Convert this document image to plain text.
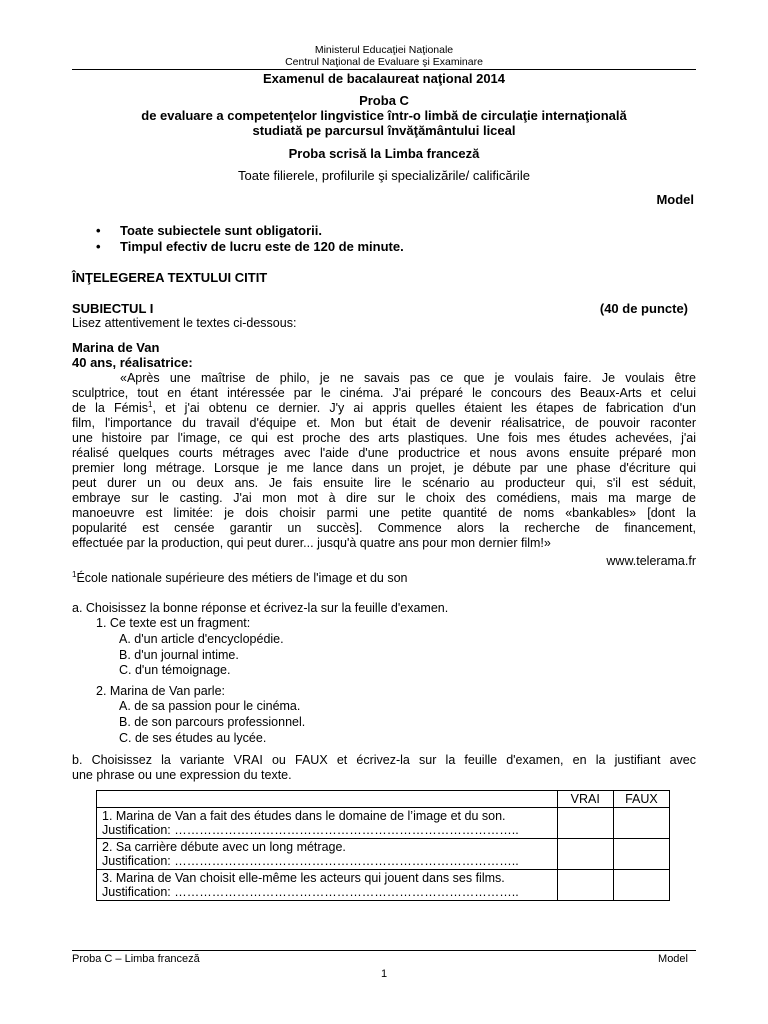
Ministerul Educaţiei Naţionale
Centrul Naţional de Evaluare şi Examinare
Examenul de bacalaureat naţional 2014
Proba C
de evaluare a competenţelor lingvistice într-o limbă de circulaţie internaţională
studiată pe parcursul învăţământului liceal
Proba scrisă la Limba franceză
Toate filierele, profilurile şi specializările/ calificările
Model
• Toate subiectele sunt obligatorii.
• Timpul efectiv de lucru este de 120 de minute.
ÎNŢELEGEREA TEXTULUI CITIT
SUBIECTUL I	(40 de puncte)
Lisez attentivement le textes ci-dessous:
Marina de Van
40 ans, réalisatrice:
«Après une maîtrise de philo, je ne savais pas ce que je voulais faire. Je voulais être
sculptrice, tout en étant intéressée par le cinéma. J'ai préparé le concours des Beaux-Arts et celui
de la Fémis$^1$, et j'ai obtenu ce dernier. J'y ai appris quelles étaient les étapes de fabrication d'un
film, l'importance du travail d'équipe et. Mon but était de devenir réalisatrice, de pouvoir raconter
une histoire par l'image, ce qui est proche des arts plastiques. Une fois mes études achevées, j'ai
réalisé quelques courts métrages avec l'aide d'une productrice et nous avons ensuite préparé mon
premier long métrage. Lorsque je me lance dans un projet, je débute par une phase d'écriture qui
peut durer un ou deux ans. Je fais ensuite lire le scénario au producteur qui, s'il est séduit,
embraye sur le casting. J'ai mon mot à dire sur le choix des comédiens, mais ma marge de
manoeuvre est limitée: je dois choisir parmi une petite quantité de noms «bankables» [dont la
popularité est censée garantir un succès]. Commence alors la recherche de financement,
effectuée par la production, qui peut durer... jusqu'à quatre ans pour mon dernier film!»
www.telerama.fr
$^1$École nationale supérieure des métiers de l'image et du son
a. Choisissez la bonne réponse et écrivez-la sur la feuille d'examen.
1. Ce texte est un fragment:
A. d'un article d'encyclopédie.
B. d'un journal intime.
C. d'un témoignage.
2. Marina de Van parle:
A. de sa passion pour le cinéma.
B. de son parcours professionnel.
C. de ses études au lycée.
b. Choisissez la variante VRAI ou FAUX et écrivez-la sur la feuille d'examen, en la justifiant avec
une phrase ou une expression du texte.
	VRAI	FAUX

1. Marina de Van a fait des études dans le domaine de l’image et du son.
Justification: ………………………………………………………………………..		

2. Sa carrière débute avec un long métrage.
Justification: ………………………………………………………………………..		

3. Marina de Van choisit elle-même les acteurs qui jouent dans ses films.
Justification: ………………………………………………………………………..		

Proba C – Limba franceză	Model
1
